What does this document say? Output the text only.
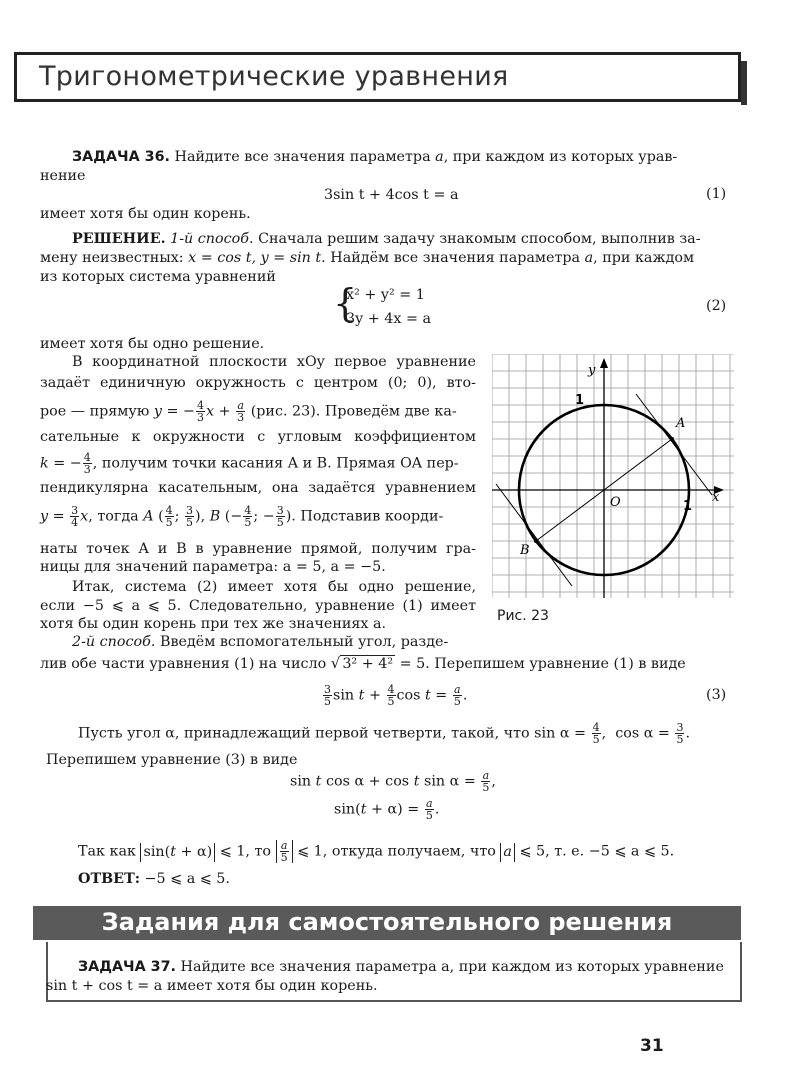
Тригонометрические уравнения
ЗАДАЧА 36. Найдите все значения параметра a, при каждом из которых урав-
нение
3sin t + 4cos t = a	(1)
имеет хотя бы один корень.
РЕШЕНИЕ. 1-й способ. Сначала решим задачу знакомым способом, выполнив за-
мену неизвестных: x = cos t, y = sin t. Найдём все значения параметра a, при каждом
из которых система уравнений
{
x² + y² = 1
3y + 4x = a
(2)
имеет хотя бы одно решение.
В координатной плоскости xOy первое уравнение
задаёт единичную окружность с центром (0; 0), вто-
рое — прямую y = − $\frac{4}{3}$ $x + \frac{a}{3} (рис$. 23). Проведём две ка-
сательные к окружности с угловым коэффициентом
k = − $\frac{4}{3}$ , получим точки касания A и B. Прямая OA пер-
пендикулярна касательным, она задаётся уравнением
$y = \frac{3}{4} x$, тогда A ( $\frac{4}{5}$ ; $\frac{3}{5}$ ), B (− $\frac{4}{5}$ ; − $\frac{3}{5}$ ). Подставив коорди-
наты точек A и B в уравнение прямой, получим гра-
ницы для значений параметра: a = 5, a = −5.
Итак, система (2) имеет хотя бы одно решение,
если −5 ⩽ a ⩽ 5. Следовательно, уравнение (1) имеет
хотя бы один корень при тех же значениях a.
2-й способ. Введём вспомогательный угол, разде-
лив обе части уравнения (1) на число √ 3² + 4² = 5. Перепишем уравнение (1) в виде
$\frac{3}{5}$ $\sin t + \frac{4}{5}$ $\cos t = \frac{a}{5}$ .	(3)
Пусть угол α, принадлежащий первой четверти, такой, что $\sin \alpha = \frac{4}{5}$ ,  $\cos \alpha = \frac{3}{5}$ .
Перепишем уравнение (3) в виде
sin t cos α + cos t $\sin \alpha = \frac{a}{5}$ ,
$\sin(t + \alpha) = \frac{a}{5}$ .
Так как sin(t + α) ⩽ 1, то $\frac{a}{5}$ ⩽ 1, откуда получаем, что a ⩽ 5, т. е. −5 ⩽ a ⩽ 5.
ОТВЕТ: −5 ⩽ a ⩽ 5.
y
x
O
A
B
1
1
Рис. 23
Задания для самостоятельного решения
ЗАДАЧА 37. Найдите все значения параметра a, при каждом из которых уравнение
sin t + cos t = a имеет хотя бы один корень.
31
